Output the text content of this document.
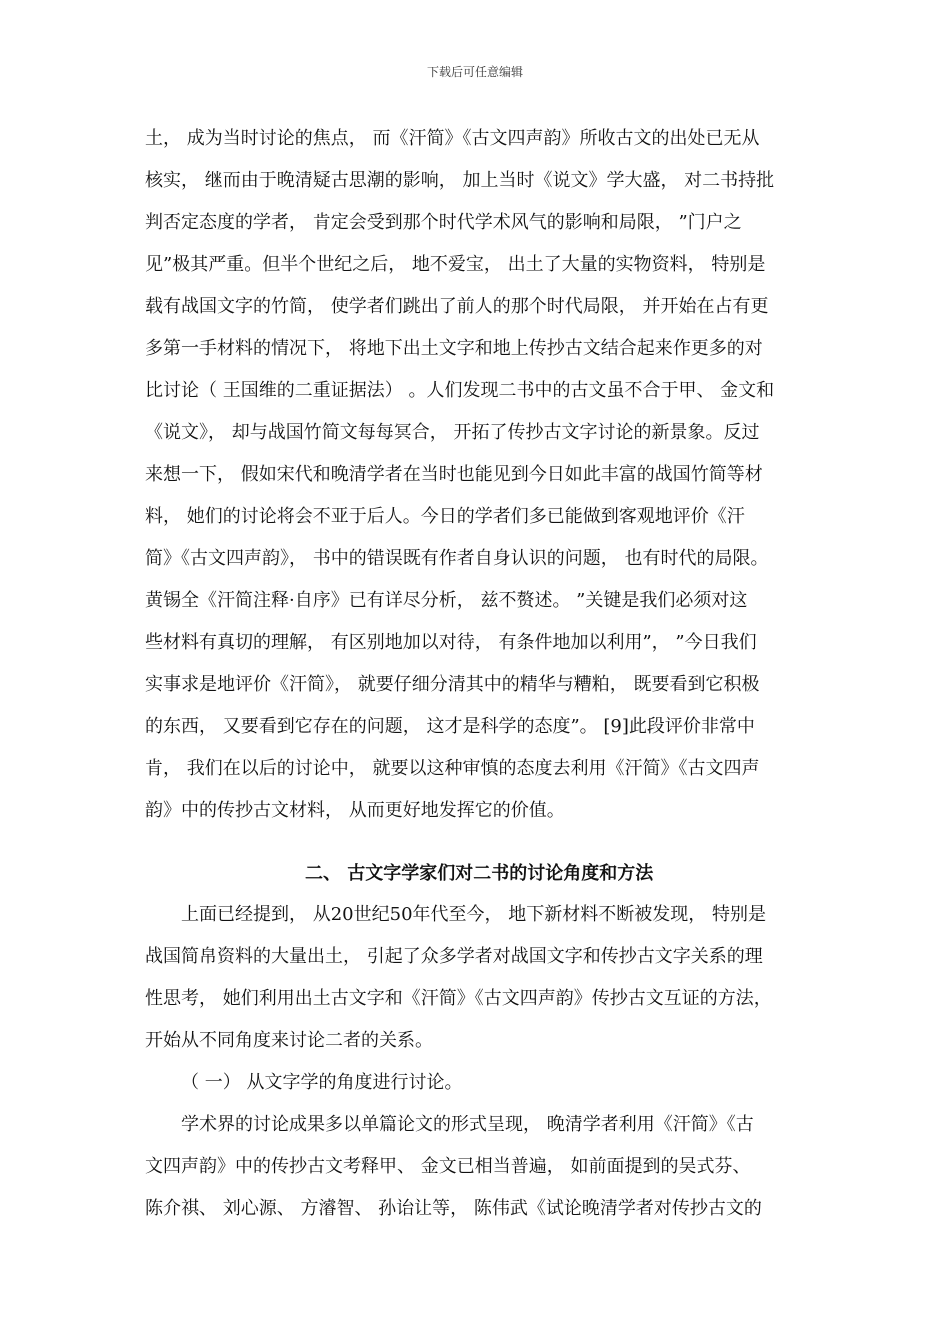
下载后可任意编辑
土， 成为当时讨论的焦点， 而《汗简》《古文四声韵》所收古文的出处已无从
核实， 继而由于晚清疑古思潮的影响， 加上当时《说文》学大盛， 对二书持批
判否定态度的学者， 肯定会受到那个时代学术风气的影响和局限， ”门户之
见”极其严重。但半个世纪之后， 地不爱宝， 出土了大量的实物资料， 特别是
载有战国文字的竹简， 使学者们跳出了前人的那个时代局限， 并开始在占有更
多第一手材料的情况下， 将地下出土文字和地上传抄古文结合起来作更多的对
比讨论（ 王国维的二重证据法） 。人们发现二书中的古文虽不合于甲、 金文和
《说文》， 却与战国竹简文每每冥合， 开拓了传抄古文字讨论的新景象。反过
来想一下， 假如宋代和晚清学者在当时也能见到今日如此丰富的战国竹简等材
料， 她们的讨论将会不亚于后人。今日的学者们多已能做到客观地评价《汗
简》《古文四声韵》， 书中的错误既有作者自身认识的问题， 也有时代的局限。
黄锡全《汗简注释·自序》已有详尽分析， 兹不赘述。 ”关键是我们必须对这
些材料有真切的理解， 有区别地加以对待， 有条件地加以利用”， ”今日我们
实事求是地评价《汗简》， 就要仔细分清其中的精华与糟粕， 既要看到它积极
的东西， 又要看到它存在的问题， 这才是科学的态度”。 [9]此段评价非常中
肯， 我们在以后的讨论中， 就要以这种审慎的态度去利用《汗简》《古文四声
韵》中的传抄古文材料， 从而更好地发挥它的价值。
二、 古文字学家们对二书的讨论角度和方法
上面已经提到， 从20世纪50年代至今， 地下新材料不断被发现， 特别是
战国简帛资料的大量出土， 引起了众多学者对战国文字和传抄古文字关系的理
性思考， 她们利用出土古文字和《汗简》《古文四声韵》传抄古文互证的方法，
开始从不同角度来讨论二者的关系。
（ 一） 从文字学的角度进行讨论。
学术界的讨论成果多以单篇论文的形式呈现， 晚清学者利用《汗简》《古
文四声韵》中的传抄古文考释甲、 金文已相当普遍， 如前面提到的吴式芬、
陈介祺、 刘心源、 方濬智、 孙诒让等， 陈伟武《试论晚清学者对传抄古文的
